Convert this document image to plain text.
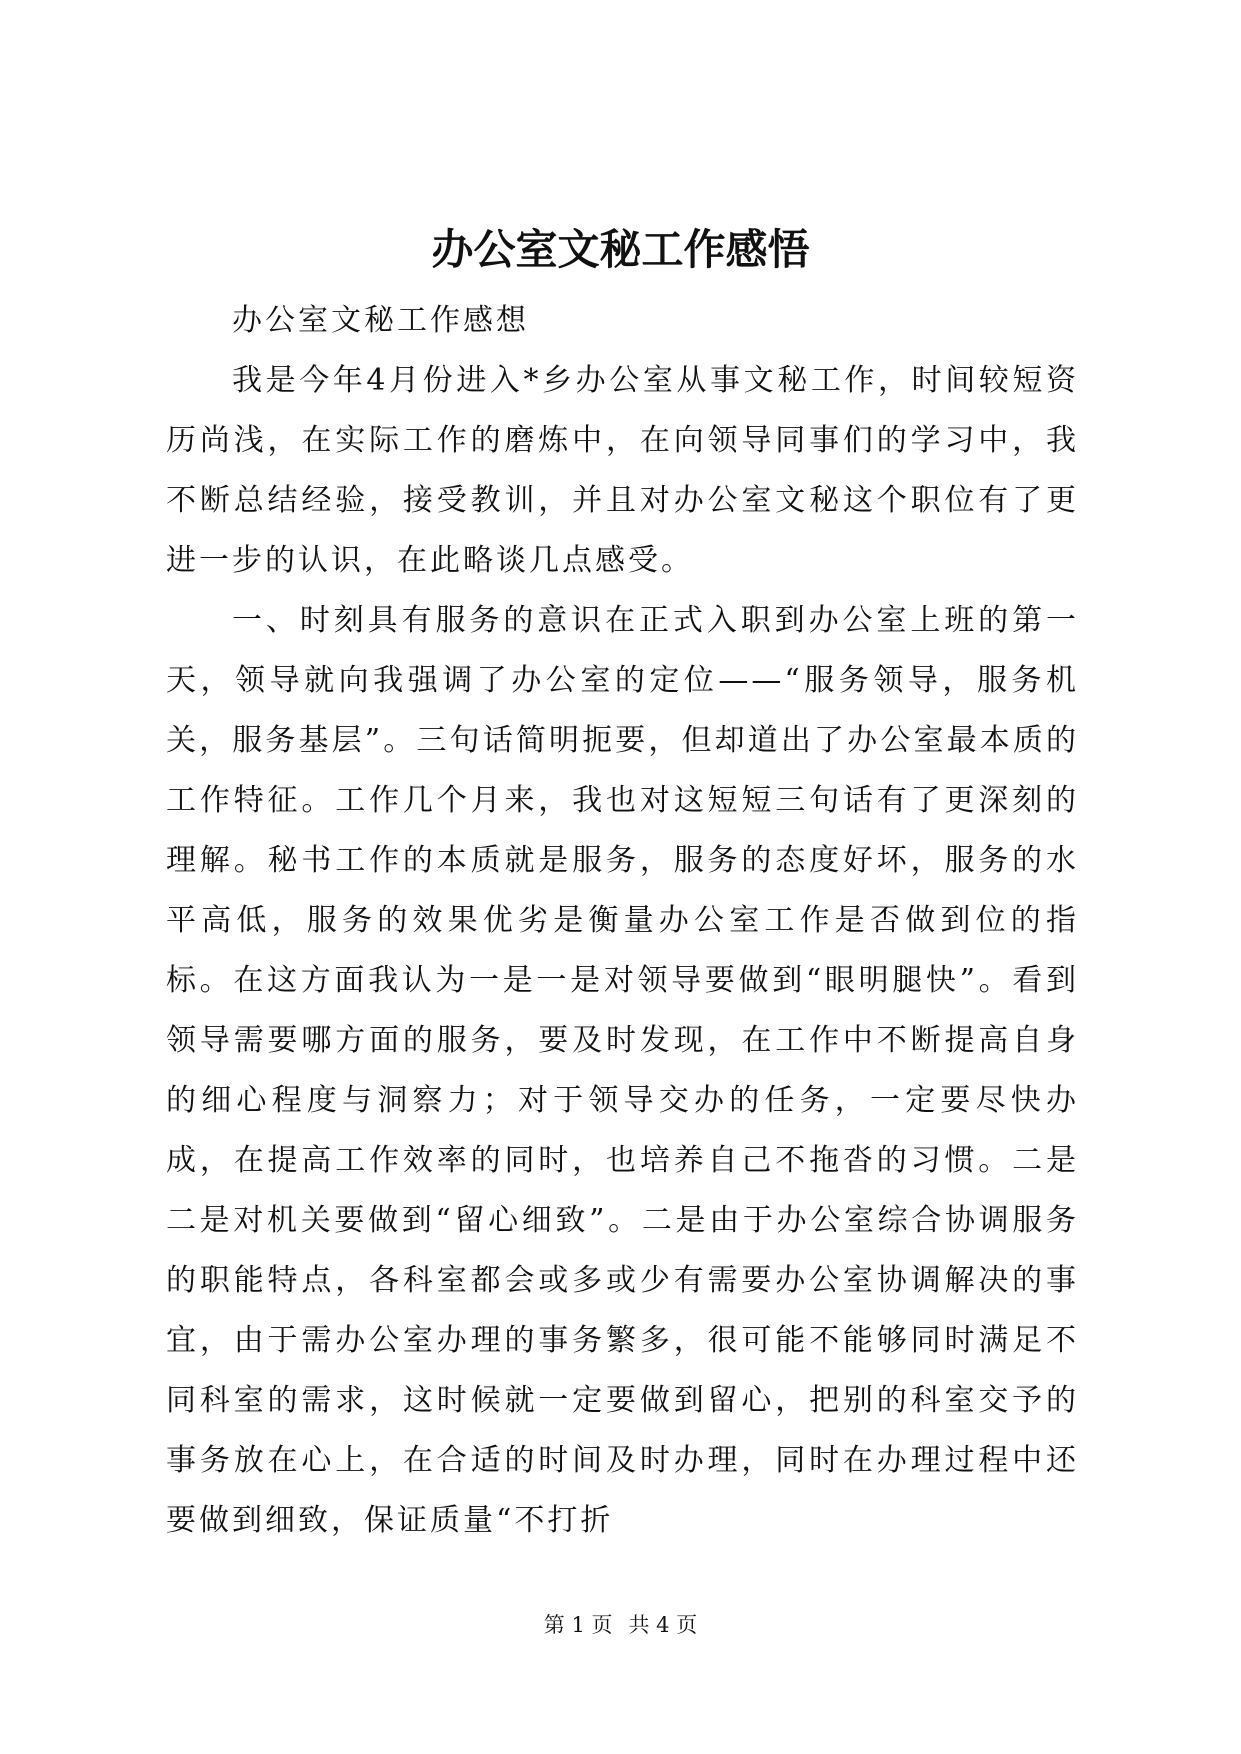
办公室文秘工作感悟

办公室文秘工作感想

我是今年4月份进入*乡办公室从事文秘工作，时间较短资历尚浅，在实际工作的磨炼中，在向领导同事们的学习中，我不断总结经验，接受教训，并且对办公室文秘这个职位有了更进一步的认识，在此略谈几点感受。

一、时刻具有服务的意识在正式入职到办公室上班的第一天，领导就向我强调了办公室的定位——“服务领导，服务机关，服务基层”。三句话简明扼要，但却道出了办公室最本质的工作特征。工作几个月来，我也对这短短三句话有了更深刻的理解。秘书工作的本质就是服务，服务的态度好坏，服务的水平高低，服务的效果优劣是衡量办公室工作是否做到位的指标。在这方面我认为一是一是对领导要做到“眼明腿快”。看到领导需要哪方面的服务，要及时发现，在工作中不断提高自身的细心程度与洞察力；对于领导交办的任务，一定要尽快办成，在提高工作效率的同时，也培养自己不拖沓的习惯。二是二是对机关要做到“留心细致”。二是由于办公室综合协调服务的职能特点，各科室都会或多或少有需要办公室协调解决的事宜，由于需办公室办理的事务繁多，很可能不能够同时满足不同科室的需求，这时候就一定要做到留心，把别的科室交予的事务放在心上，在合适的时间及时办理，同时在办理过程中还要做到细致，保证质量“不打折

第 1 页 共 4 页
